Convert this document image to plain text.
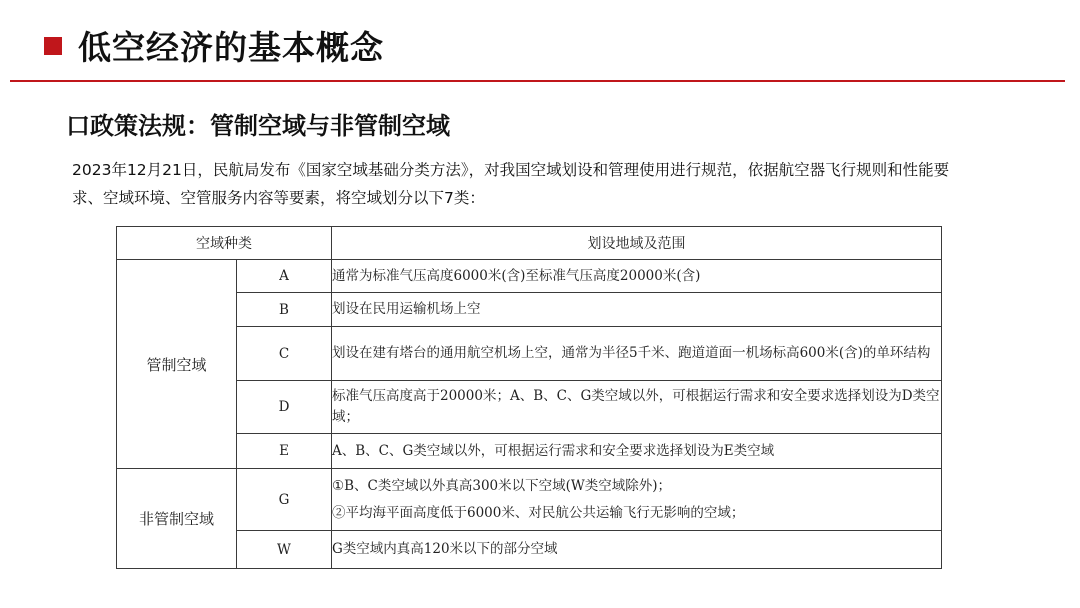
低空经济的基本概念
口政策法规：管制空域与非管制空域
2023年12月21日，民航局发布《国家空域基础分类方法》，对我国空域划设和管理使用进行规范，依据航空器飞行规则和性能要求、空域环境、空管服务内容等要素，将空域划分以下7类：
空域种类		划设地域及范围
管制空域	A	通常为标准气压高度6000米(含)至标准气压高度20000米(含)
	B	划设在民用运输机场上空
	C	划设在建有塔台的通用航空机场上空，通常为半径5千米、跑道道面一机场标高600米(含)的单环结构
	D	标准气压高度高于20000米；A、B、C、G类空域以外，可根据运行需求和安全要求选择划设为D类空域；
	E	A、B、C、G类空域以外，可根据运行需求和安全要求选择划设为E类空域
非管制空域	G	①B、C类空域以外真高300米以下空域(W类空域除外)；
②平均海平面高度低于6000米、对民航公共运输飞行无影响的空域；

	W	G类空域内真高120米以下的部分空域
